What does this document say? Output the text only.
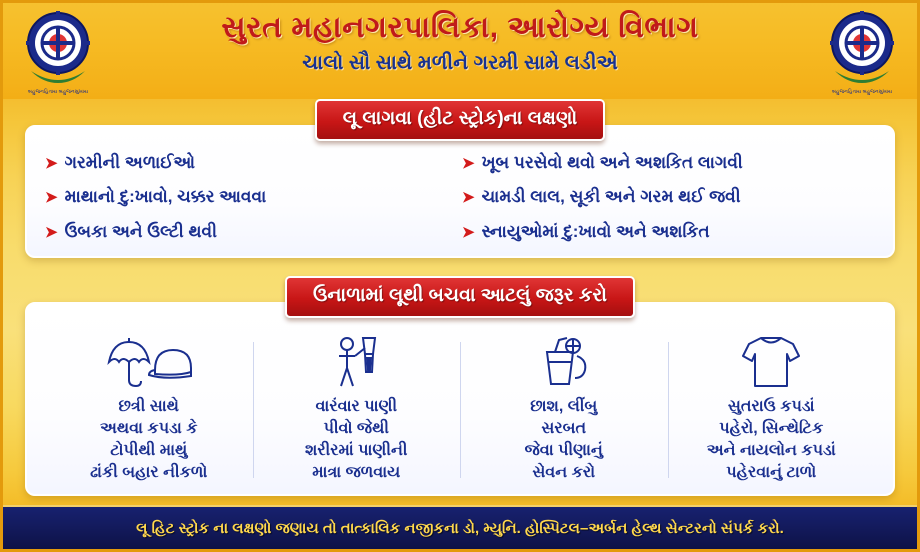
બહુજનહિતાય બહુજનસુખાય
સુરત મહાનગરપાલિકા, આરોગ્ય વિભાગ
ચાલો સૌ સાથે મળીને ગરમી સામે લડીએ
બહુજનહિતાય બહુજનસુખાય
લૂ લાગવા (હીટ સ્ટ્રોક)ના લક્ષણો
➤ ગરમીની અળાઈઓ	➤ ખૂબ પરસેવો થવો અને અશકિત લાગવી
➤ માથાનો દુ:ખાવો, ચક્કર આવવા	➤ ચામડી લાલ, સૂકી અને ગરમ થઈ જવી
➤ ઉબકા અને ઉલ્ટી થવી	➤ સ્નાયુઓમાં દુ:ખાવો અને અશકિત
ઉનાળામાં લૂથી બચવા આટલું જરૂર કરો
છત્રી સાથે
અથવા કપડા કે
ટોપીથી માથું
ઢાંકી બહાર નીકળો
વારંવાર પાણી
પીવો જેથી
શરીરમાં પાણીની
માત્રા જળવાય
છાશ, લીંબુ
સરબત
જેવા પીણાનું
સેવન કરો
સુતરાઉ કપડાં
પહેરો, સિન્થેટિક
અને નાયલોન કપડાં
પહેરવાનું ટાળો
લૂ હિટ સ્ટ્રોક ના લક્ષણો જણાય તો તાત્કાલિક નજીકના ડો, મ્યુનિ. હોસ્પિટલ–અર્બન હેલ્થ સેન્ટરનો સંપર્ક કરો.
